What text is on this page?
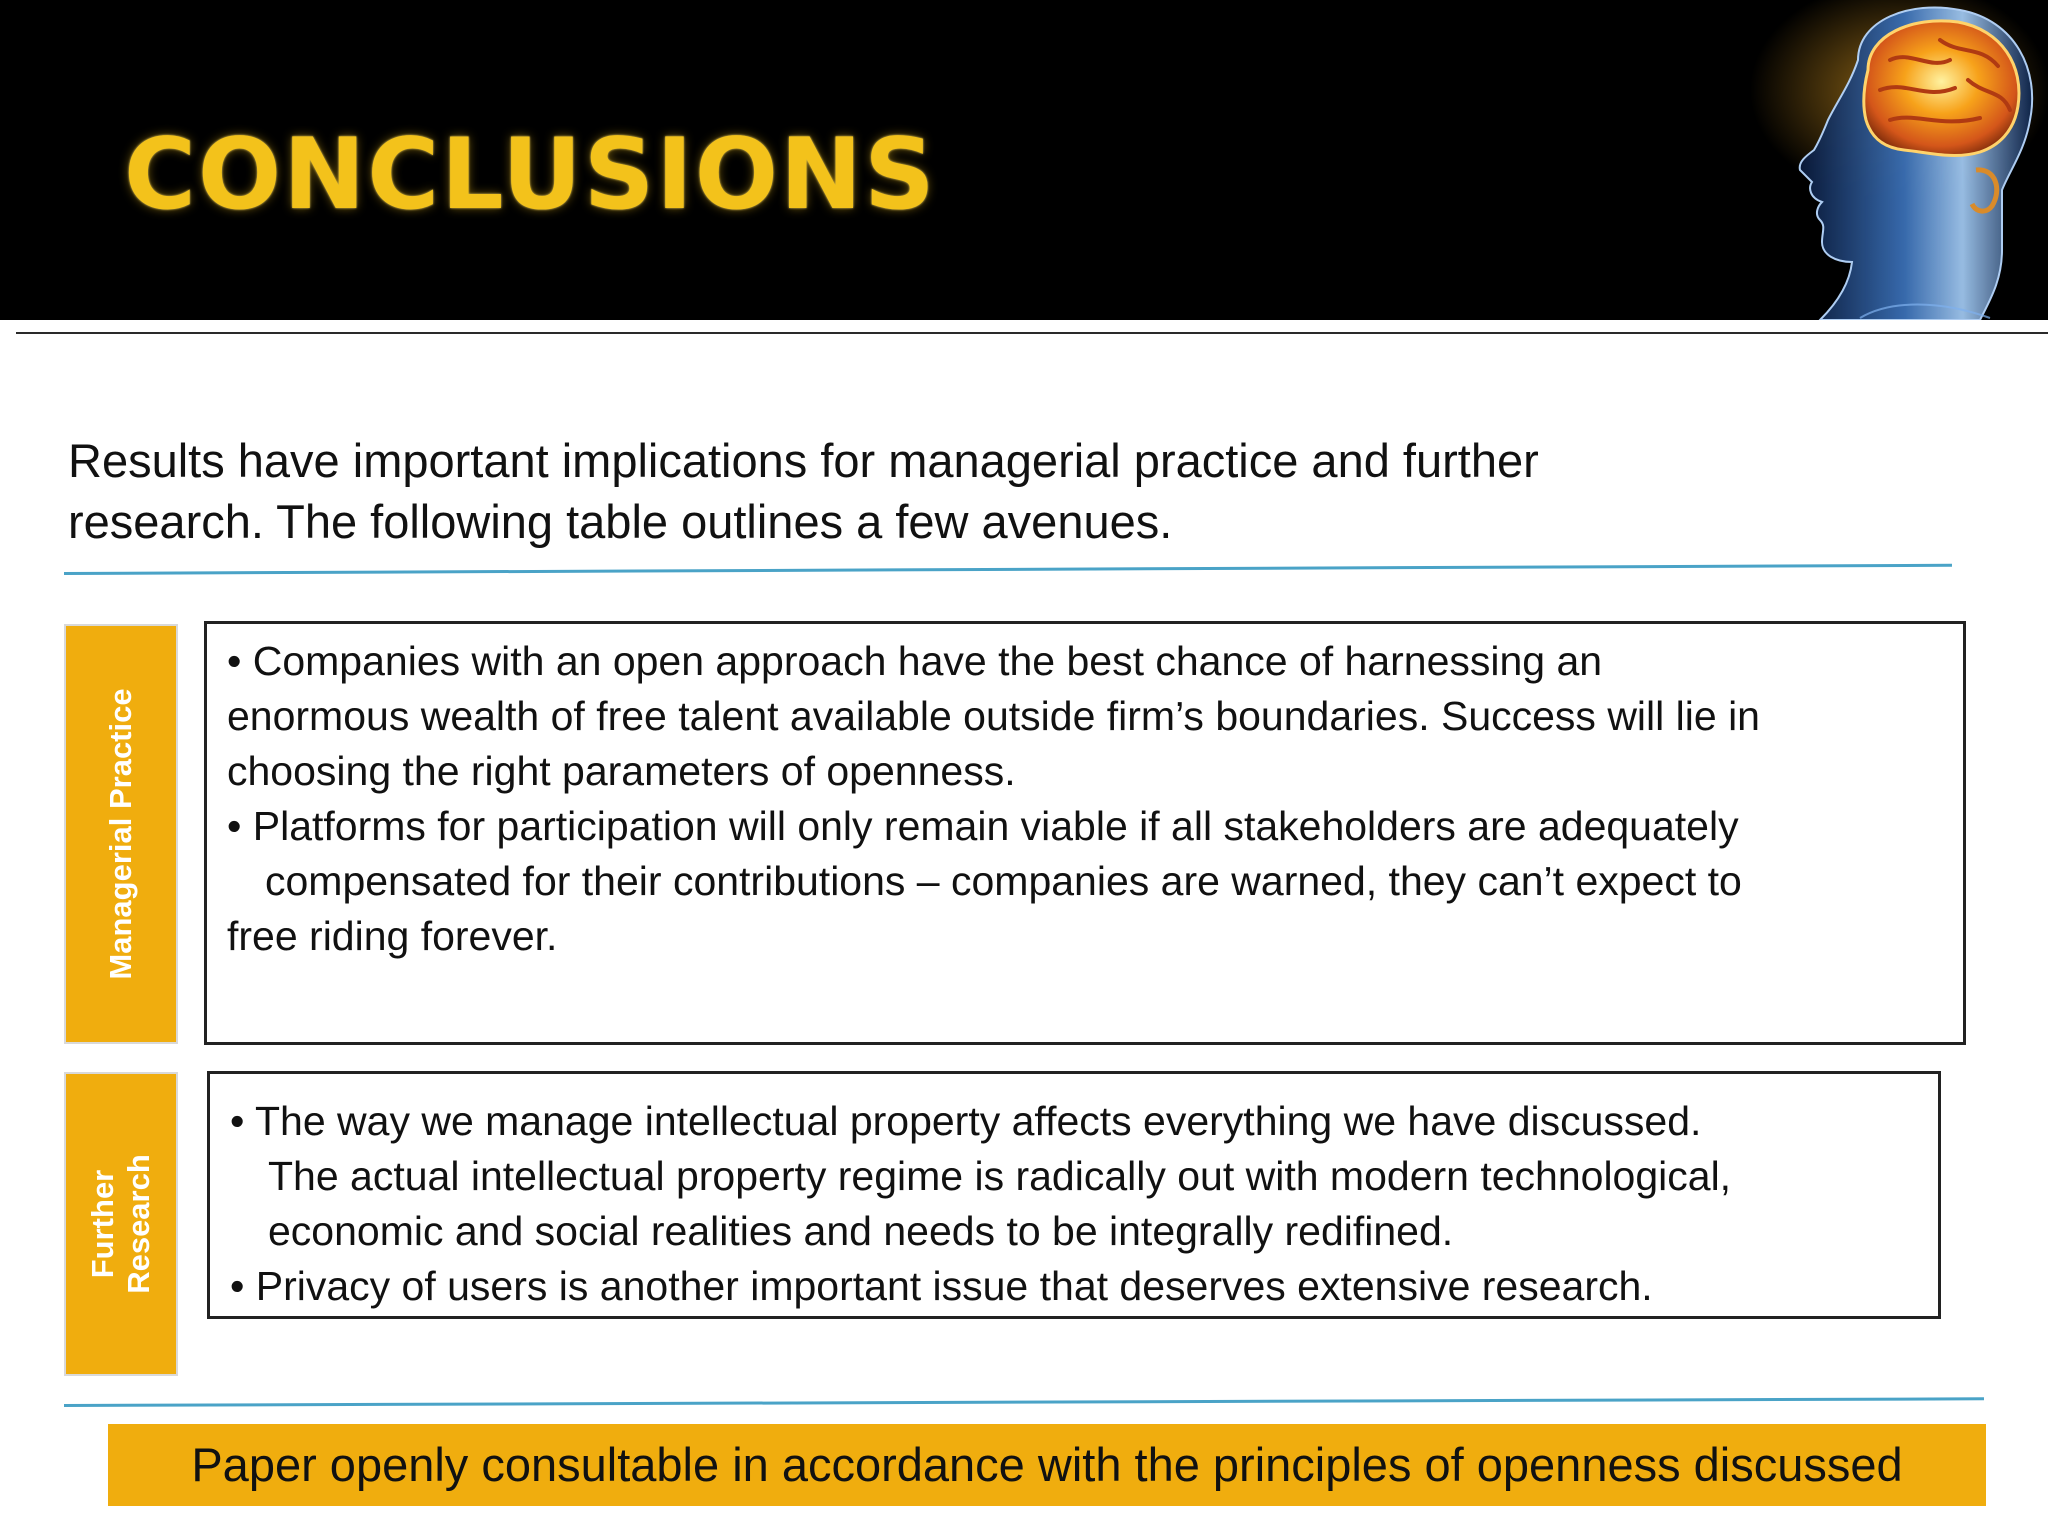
CONCLUSIONS
Results have important implications for managerial practice and further
research. The following table outlines a few avenues.
Managerial Practice
• Companies with an open approach have the best chance of harnessing an
enormous wealth of free talent available outside firm’s boundaries. Success will lie in
choosing the right parameters of openness.
• Platforms for participation will only remain viable if all stakeholders are adequately
compensated for their contributions – companies are warned, they can’t expect to
free riding forever.
Further Research
• The way we manage intellectual property affects everything we have discussed.
The actual intellectual property regime is radically out with modern technological,
economic and social realities and needs to be integrally redifined.
• Privacy of users is another important issue that deserves extensive research.
Paper openly consultable in accordance with the principles of openness discussed
